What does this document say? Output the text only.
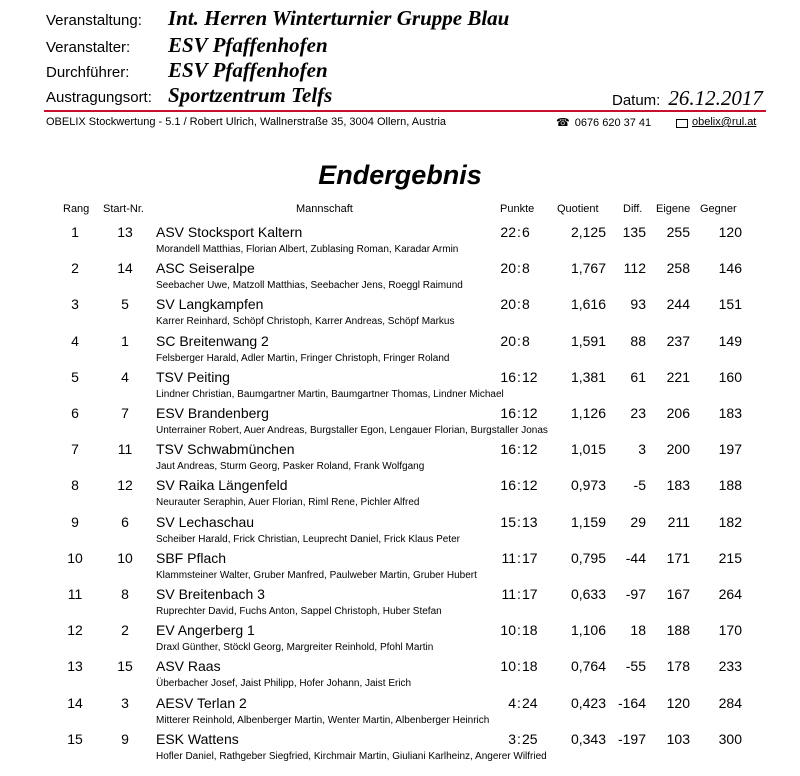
Veranstaltung:	Int. Herren Winterturnier Gruppe Blau
Veranstalter:	ESV Pfaffenhofen
Durchführer:	ESV Pfaffenhofen
Austragungsort: Sportzentrum Telfs	Datum: 26.12.2017
OBELIX Stockwertung - 5.1 / Robert Ulrich, Wallnerstraße 35, 3004 Ollern, Austria	☎ 0676 620 37 41	obelix@rul.at
Endergebnis
Rang Start-Nr.	Mannschaft	Punkte Quotient Diff. Eigene Gegner
1	13	ASV Stocksport Kaltern	22 : 6	2,125	135	255	120
Morandell Matthias, Florian Albert, Zublasing Roman, Karadar Armin
2	14	ASC Seiseralpe	20 : 8	1,767	112	258	146
Seebacher Uwe, Matzoll Matthias, Seebacher Jens, Roeggl Raimund
3	5	SV Langkampfen	20 : 8	1,616	93	244	151
Karrer Reinhard, Schöpf Christoph, Karrer Andreas, Schöpf Markus
4	1	SC Breitenwang 2	20 : 8	1,591	88	237	149
Felsberger Harald, Adler Martin, Fringer Christoph, Fringer Roland
5	4	TSV Peiting	16 : 12	1,381	61	221	160
Lindner Christian, Baumgartner Martin, Baumgartner Thomas, Lindner Michael
6	7	ESV Brandenberg	16 : 12	1,126	23	206	183
Unterrainer Robert, Auer Andreas, Burgstaller Egon, Lengauer Florian, Burgstaller Jonas
7	11	TSV Schwabmünchen	16 : 12	1,015	3	200	197
Jaut Andreas, Sturm Georg, Pasker Roland, Frank Wolfgang
8	12	SV Raika Längenfeld	16 : 12	0,973	-5	183	188
Neurauter Seraphin, Auer Florian, Riml Rene, Pichler Alfred
9	6	SV Lechaschau	15 : 13	1,159	29	211	182
Scheiber Harald, Frick Christian, Leuprecht Daniel, Frick Klaus Peter
10	10	SBF Pflach	11 : 17	0,795	-44	171	215
Klammsteiner Walter, Gruber Manfred, Paulweber Martin, Gruber Hubert
11	8	SV Breitenbach 3	11 : 17	0,633	-97	167	264
Ruprechter David, Fuchs Anton, Sappel Christoph, Huber Stefan
12	2	EV Angerberg 1	10 : 18	1,106	18	188	170
Draxl Günther, Stöckl Georg, Margreiter Reinhold, Pfohl Martin
13	15	ASV Raas	10 : 18	0,764	-55	178	233
Überbacher Josef, Jaist Philipp, Hofer Johann, Jaist Erich
14	3	AESV Terlan 2	4 : 24	0,423 -164	120	284
Mitterer Reinhold, Albenberger Martin, Wenter Martin, Albenberger Heinrich
15	9	ESK Wattens	3 : 25	0,343 -197	103	300
Hofler Daniel, Rathgeber Siegfried, Kirchmair Martin, Giuliani Karlheinz, Angerer Wilfried
